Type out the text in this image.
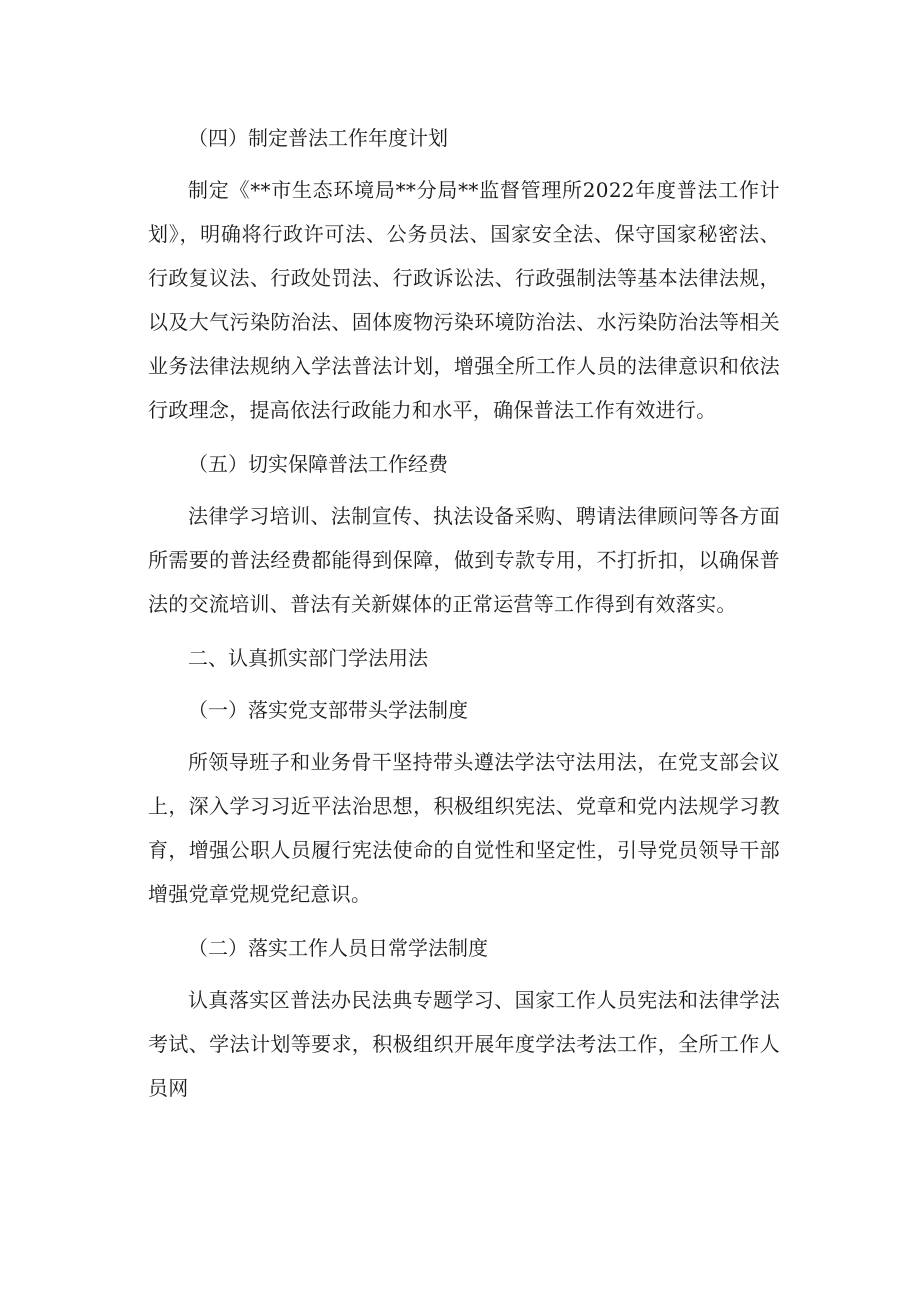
（四）制定普法工作年度计划

制定《**市生态环境局**分局**监督管理所2022年度普法工作计划》，明确将行政许可法、公务员法、国家安全法、保守国家秘密法、行政复议法、行政处罚法、行政诉讼法、行政强制法等基本法律法规，以及大气污染防治法、固体废物污染环境防治法、水污染防治法等相关业务法律法规纳入学法普法计划，增强全所工作人员的法律意识和依法行政理念，提高依法行政能力和水平，确保普法工作有效进行。

（五）切实保障普法工作经费

法律学习培训、法制宣传、执法设备采购、聘请法律顾问等各方面所需要的普法经费都能得到保障，做到专款专用，不打折扣，以确保普法的交流培训、普法有关新媒体的正常运营等工作得到有效落实。

二、认真抓实部门学法用法

（一）落实党支部带头学法制度

所领导班子和业务骨干坚持带头遵法学法守法用法，在党支部会议上，深入学习习近平法治思想，积极组织宪法、党章和党内法规学习教育，增强公职人员履行宪法使命的自觉性和坚定性，引导党员领导干部增强党章党规党纪意识。

（二）落实工作人员日常学法制度

认真落实区普法办民法典专题学习、国家工作人员宪法和法律学法考试、学法计划等要求，积极组织开展年度学法考法工作，全所工作人员网
